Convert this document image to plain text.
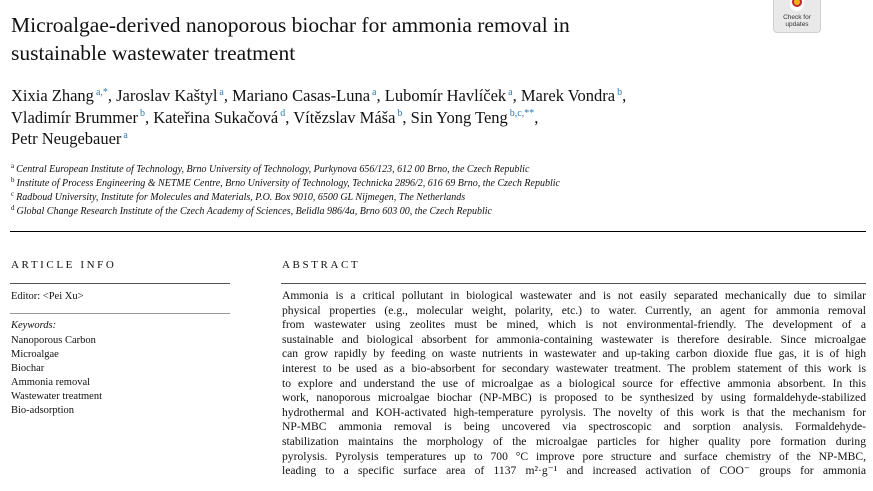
Microalgae-derived nanoporous biochar for ammonia removal in
sustainable wastewater treatment
Check for
updates
Xixia Zhang $^{a,*}$, Jaroslav Kaštyl $^a$, Mariano Casas-Luna $^a$, Lubomír Havlíček $^a$, Marek Vondra $^b$,
Vladimír Brummer $^b$, Kateřina Sukačová $^d$, Vítězslav Máša $^b$, Sin Yong Teng $^{b,c,**}$,
Petr Neugebauer $^a$
$^a$ Central European Institute of Technology, Brno University of Technology, Purkynova 656/123, 612 00 Brno, the Czech Republic
$^b$ Institute of Process Engineering & NETME Centre, Brno University of Technology, Technicka 2896/2, 616 69 Brno, the Czech Republic
$^c$ Radboud University, Institute for Molecules and Materials, P.O. Box 9010, 6500 GL Nijmegen, The Netherlands
$^d$ Global Change Research Institute of the Czech Academy of Sciences, Belidla 986/4a, Brno 603 00, the Czech Republic
ARTICLE INFO
Editor: <Pei Xu>
Keywords:
Nanoporous Carbon
Microalgae
Biochar
Ammonia removal
Wastewater treatment
Bio-adsorption
ABSTRACT
Ammonia is a critical pollutant in biological wastewater and is not easily separated mechanically due to similar
physical properties (e.g., molecular weight, polarity, etc.) to water. Currently, an agent for ammonia removal
from wastewater using zeolites must be mined, which is not environmental-friendly. The development of a
sustainable and biological absorbent for ammonia-containing wastewater is therefore desirable. Since microalgae
can grow rapidly by feeding on waste nutrients in wastewater and up-taking carbon dioxide flue gas, it is of high
interest to be used as a bio-absorbent for secondary wastewater treatment. The problem statement of this work is
to explore and understand the use of microalgae as a biological source for effective ammonia absorbent. In this
work, nanoporous microalgae biochar (NP-MBC) is proposed to be synthesized by using formaldehyde-stabilized
hydrothermal and KOH-activated high-temperature pyrolysis. The novelty of this work is that the mechanism for
NP-MBC ammonia removal is being uncovered via spectroscopic and sorption analysis. Formaldehyde-
stabilization maintains the morphology of the microalgae particles for higher quality pore formation during
pyrolysis. Pyrolysis temperatures up to 700 °C improve pore structure and surface chemistry of the NP-MBC,
leading to a specific surface area of 1137 m²·g⁻¹ and increased activation of COO⁻ groups for ammonia
